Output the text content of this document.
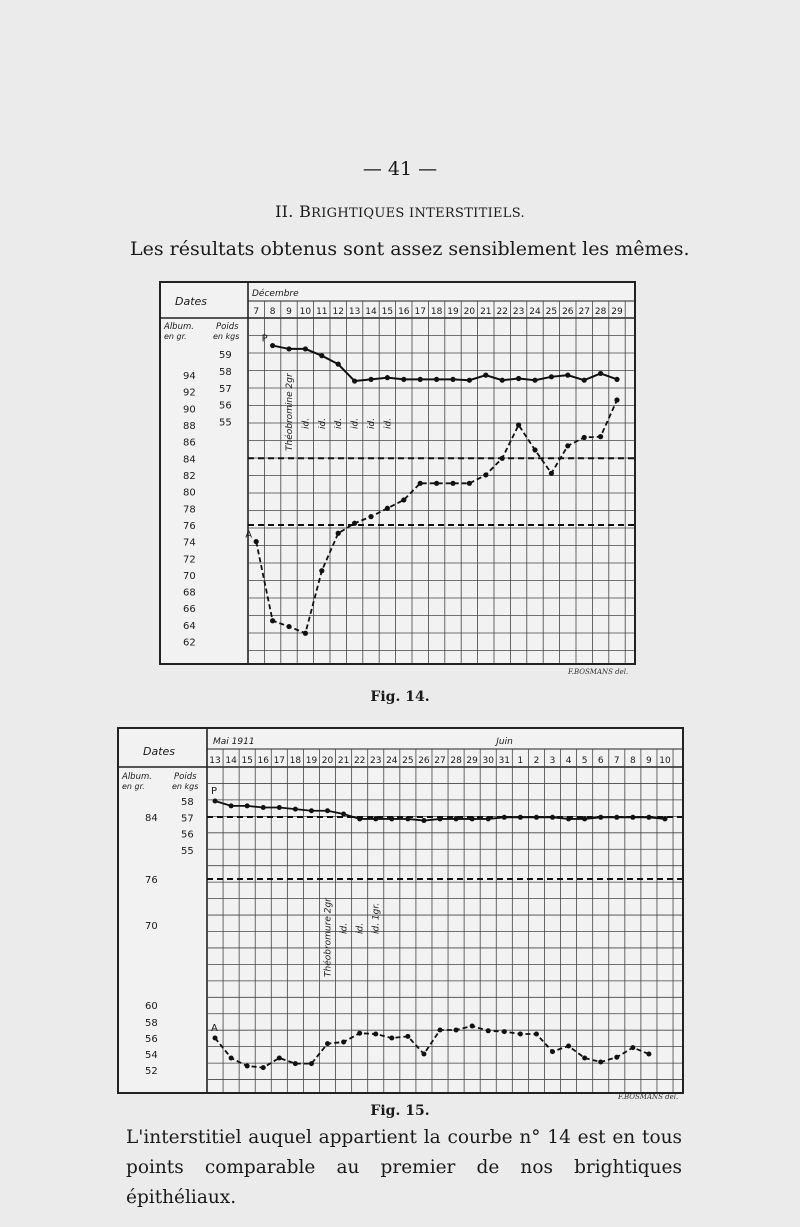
— 41 —
II. BRIGHTIQUES INTERSTITIELS.
Les résultats obtenus sont assez sensiblement les mêmes.
Dates
Décembre
7 8 9 10 11 12 13 14 15 16 17 18 19 20 21 22 23 24 25 26 27 28 29
Album.
en gr.
Poids
en kgs
94
92
90
88
86
84
82
80
78
76
74
72
70
68
66
64
62
59
58
57
56
55	Théobromine 2gr id. id. id. id. id. id.
P
A
F.BOSMANS del.
Fig. 14.
Dates
Mai 1911	Juin
13 14 15 16 17 18 19 20 21 22 23 24 25 26 27 28 29 30 31 1 2 3 4 5 6 7 8 9 10
Album.
en gr.
Poids
en kgs
84
76
70
60
58
56
54
52
58
57
56
55
Théobromure 2gr id. id. id. 1gr.
P
A
F.BOSMANS del.
Fig. 15.
L'interstitiel auquel appartient la courbe n° 14 est en tous points comparable au premier de nos brightiques épithéliaux.
